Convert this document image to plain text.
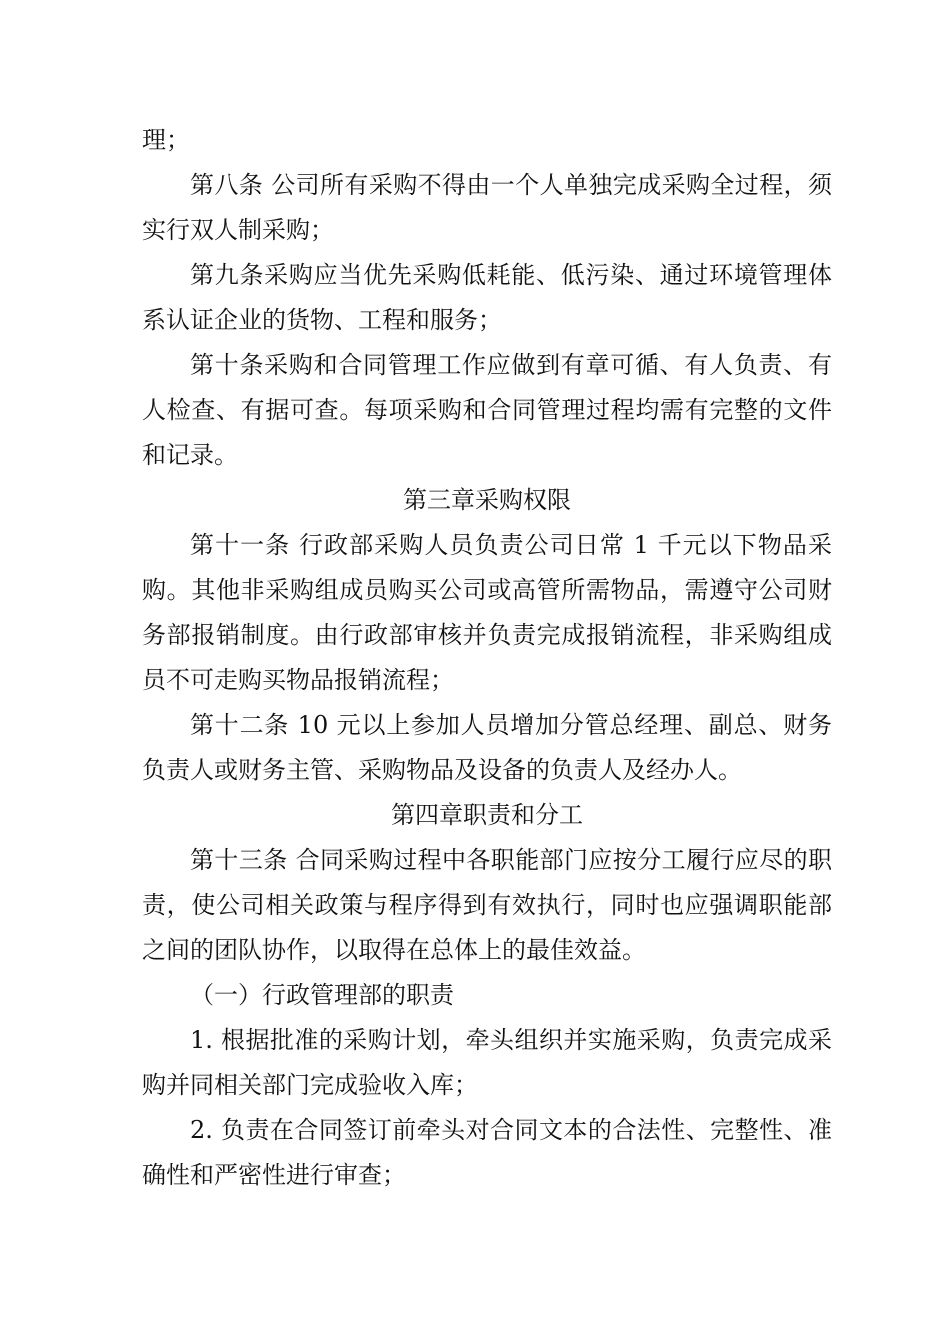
理；

第八条 公司所有采购不得由一个人单独完成采购全过程，须实行双人制采购；

第九条采购应当优先采购低耗能、低污染、通过环境管理体系认证企业的货物、工程和服务；

第十条采购和合同管理工作应做到有章可循、有人负责、有人检查、有据可查。每项采购和合同管理过程均需有完整的文件和记录。

第三章采购权限

第十一条 行政部采购人员负责公司日常 1 千元以下物品采购。其他非采购组成员购买公司或高管所需物品，需遵守公司财务部报销制度。由行政部审核并负责完成报销流程，非采购组成员不可走购买物品报销流程；

第十二条 10 元以上参加人员增加分管总经理、副总、财务负责人或财务主管、采购物品及设备的负责人及经办人。

第四章职责和分工

第十三条 合同采购过程中各职能部门应按分工履行应尽的职责，使公司相关政策与程序得到有效执行，同时也应强调职能部之间的团队协作，以取得在总体上的最佳效益。

（一）行政管理部的职责

1. 根据批准的采购计划，牵头组织并实施采购，负责完成采购并同相关部门完成验收入库；

2. 负责在合同签订前牵头对合同文本的合法性、完整性、准确性和严密性进行审查；
